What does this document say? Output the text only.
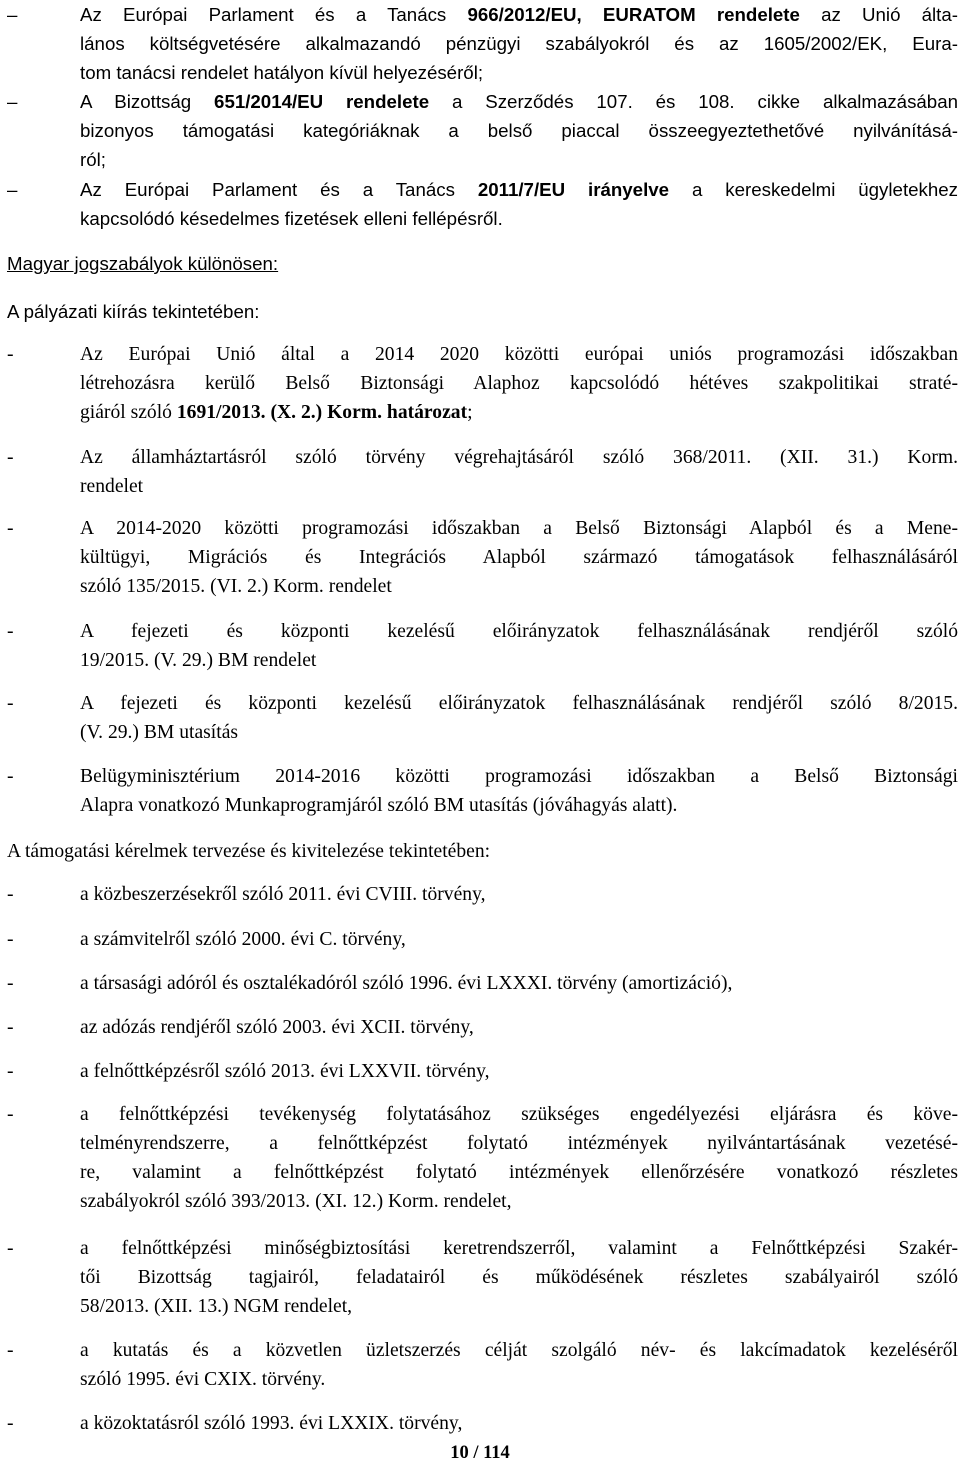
–	Az Európai Parlament és a Tanács 966/2012/EU, EURATOM rendelete az Unió álta-
lános költségvetésére alkalmazandó pénzügyi szabályokról és az 1605/2002/EK, Eura-
tom tanácsi rendelet hatályon kívül helyezéséről;
–	A Bizottság 651/2014/EU rendelete a Szerződés 107. és 108. cikke alkalmazásában
bizonyos támogatási kategóriáknak a belső piaccal összeegyeztethetővé nyilvánításá-
ról;
–	Az Európai Parlament és a Tanács 2011/7/EU irányelve a kereskedelmi ügyletekhez
kapcsolódó késedelmes fizetések elleni fellépésről.
Magyar jogszabályok különösen:
A pályázati kiírás tekintetében:
-	Az Európai Unió által a 2014 2020 közötti európai uniós programozási időszakban
létrehozásra kerülő Belső Biztonsági Alaphoz kapcsolódó hétéves szakpolitikai straté-
giáról szóló 1691/2013. (X. 2.) Korm. határozat;
-	Az államháztartásról szóló törvény végrehajtásáról szóló 368/2011. (XII. 31.) Korm.
rendelet
-	A 2014-2020 közötti programozási időszakban a Belső Biztonsági Alapból és a Mene-
kültügyi, Migrációs és Integrációs Alapból származó támogatások felhasználásáról
szóló 135/2015. (VI. 2.) Korm. rendelet
-	A fejezeti és központi kezelésű előirányzatok felhasználásának rendjéről szóló
19/2015. (V. 29.) BM rendelet
-	A fejezeti és központi kezelésű előirányzatok felhasználásának rendjéről szóló 8/2015.
(V. 29.) BM utasítás
-	Belügyminisztérium 2014-2016 közötti programozási időszakban a Belső Biztonsági
Alapra vonatkozó Munkaprogramjáról szóló BM utasítás (jóváhagyás alatt).
A támogatási kérelmek tervezése és kivitelezése tekintetében:
-	a közbeszerzésekről szóló 2011. évi CVIII. törvény,
-	a számvitelről szóló 2000. évi C. törvény,
-	a társasági adóról és osztalékadóról szóló 1996. évi LXXXI. törvény (amortizáció),
-	az adózás rendjéről szóló 2003. évi XCII. törvény,
-	a felnőttképzésről szóló 2013. évi LXXVII. törvény,
-	a felnőttképzési tevékenység folytatásához szükséges engedélyezési eljárásra és köve-
telményrendszerre, a felnőttképzést folytató intézmények nyilvántartásának vezetésé-
re, valamint a felnőttképzést folytató intézmények ellenőrzésére vonatkozó részletes
szabályokról szóló 393/2013. (XI. 12.) Korm. rendelet,
-	a felnőttképzési minőségbiztosítási keretrendszerről, valamint a Felnőttképzési Szakér-
tői Bizottság tagjairól, feladatairól és működésének részletes szabályairól szóló
58/2013. (XII. 13.) NGM rendelet,
-	a kutatás és a közvetlen üzletszerzés célját szolgáló név- és lakcímadatok kezeléséről
szóló 1995. évi CXIX. törvény.
-	a közoktatásról szóló 1993. évi LXXIX. törvény,
10 / 114
